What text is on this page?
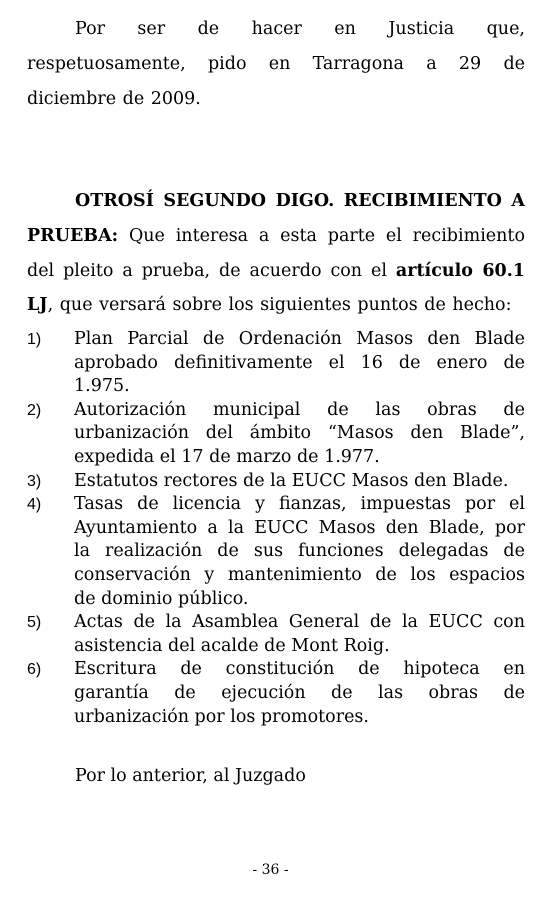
Por ser de hacer en Justicia que,
respetuosamente, pido en Tarragona a 29 de
diciembre de 2009.
OTROSÍ SEGUNDO DIGO. RECIBIMIENTO A
PRUEBA: Que interesa a esta parte el recibimiento
del pleito a prueba, de acuerdo con el artículo 60.1
LJ, que versará sobre los siguientes puntos de hecho:
1)	Plan Parcial de Ordenación Masos den Blade
aprobado definitivamente el 16 de enero de
1.975.
2)	Autorización municipal de las obras de
urbanización del ámbito “Masos den Blade”,
expedida el 17 de marzo de 1.977.
3)	Estatutos rectores de la EUCC Masos den Blade.
4)	Tasas de licencia y fianzas, impuestas por el
Ayuntamiento a la EUCC Masos den Blade, por
la realización de sus funciones delegadas de
conservación y mantenimiento de los espacios
de dominio público.
5)	Actas de la Asamblea General de la EUCC con
asistencia del acalde de Mont Roig.
6)	Escritura de constitución de hipoteca en
garantía de ejecución de las obras de
urbanización por los promotores.
Por lo anterior, al Juzgado
- 36 -
